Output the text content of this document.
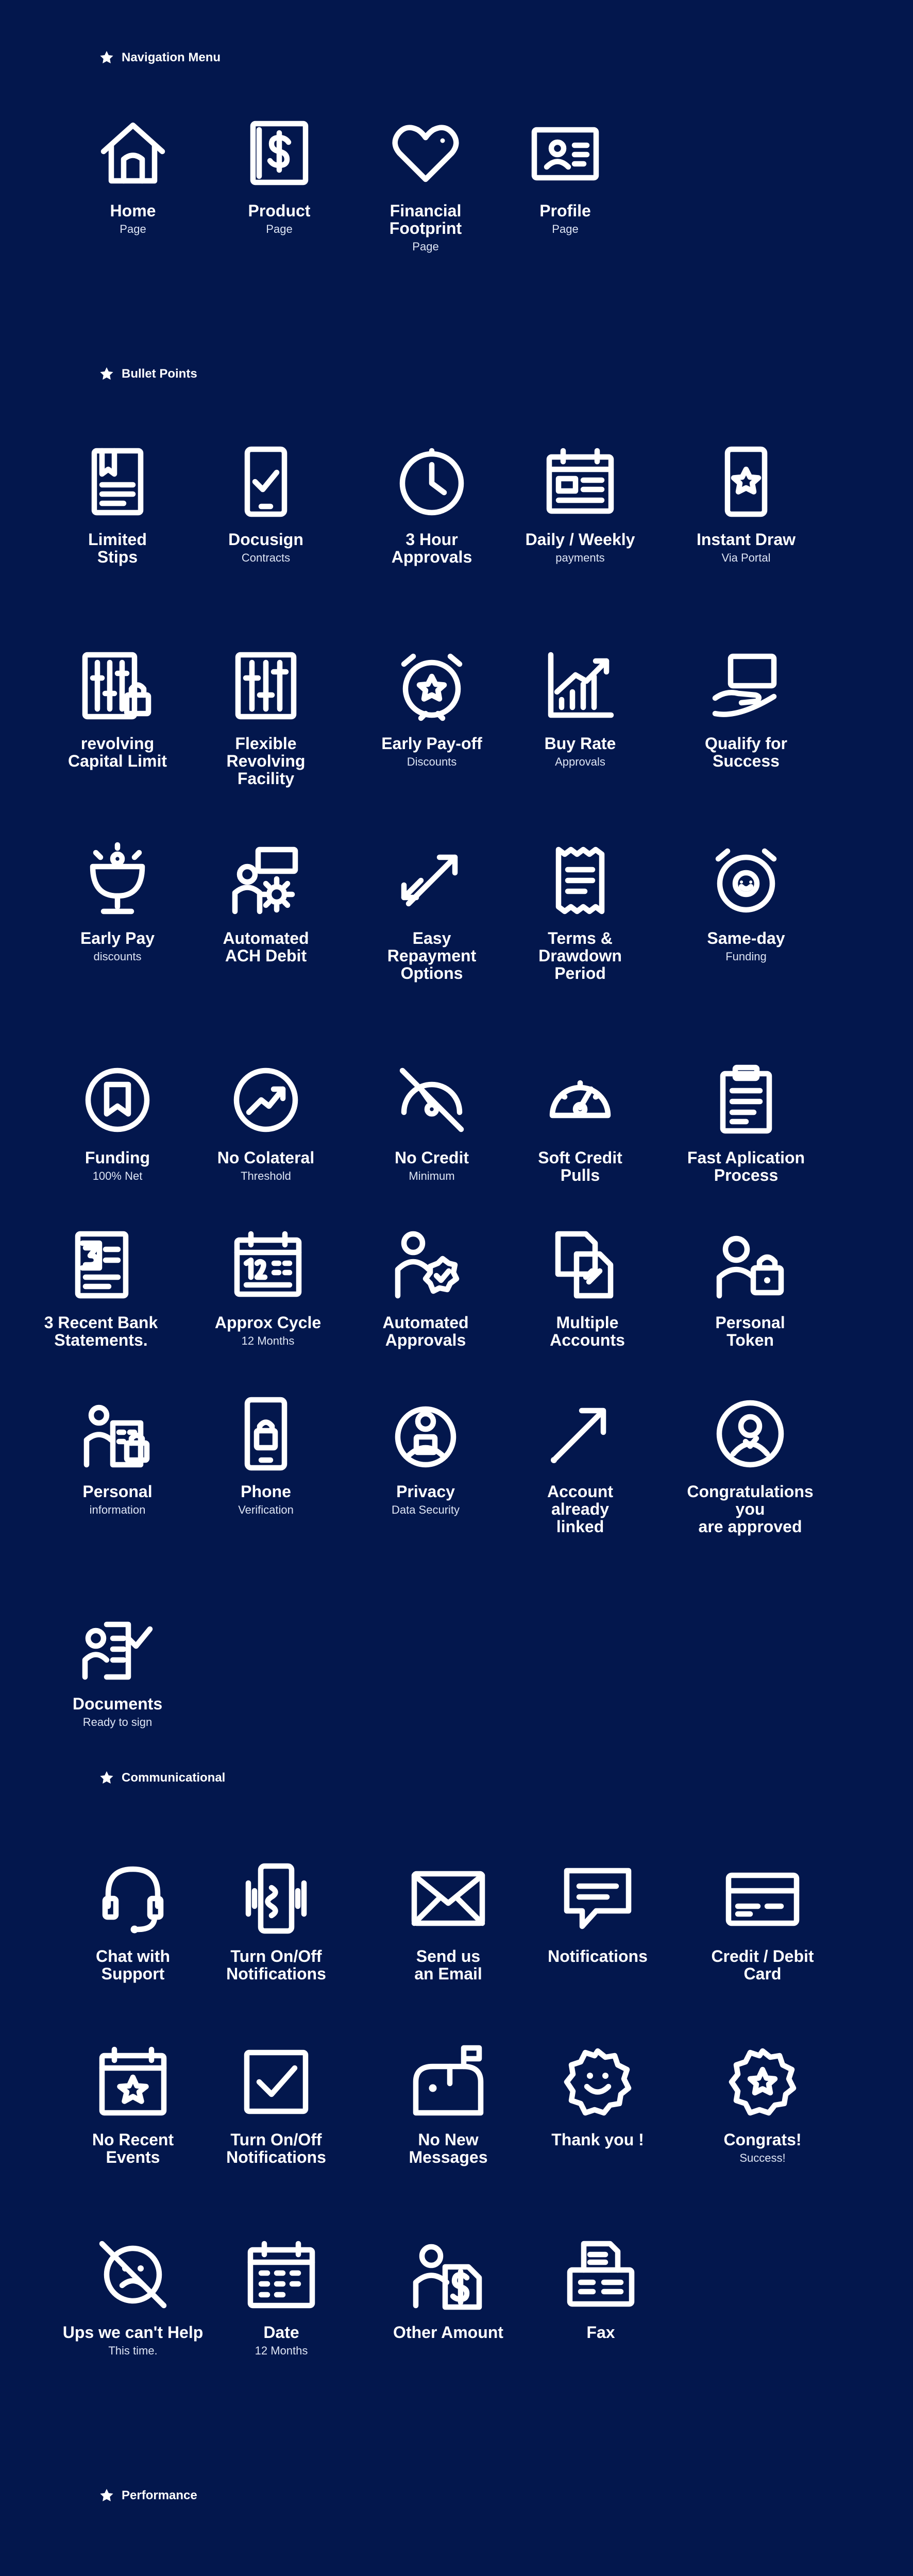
Navigation Menu
Bullet Points
Communicational
Performance
Home
Page
Product
Page
Financial
Footprint
Page
Profile
Page
Limited
Stips
Docusign
Contracts
3 Hour
Approvals
Daily / Weekly
payments
Instant Draw
Via Portal
revolving
Capital Limit
Flexible
Revolving
Facility
Early Pay-off
Discounts
Buy Rate
Approvals
Qualify for
Success
Early Pay
discounts
Automated
ACH Debit
Easy
Repayment
Options
Terms &
Drawdown
Period
Same-day
Funding
Funding
100% Net
No Colateral
Threshold
No Credit
Minimum
Soft Credit
Pulls
Fast Aplication
Process
3 Recent Bank
Statements.
Approx Cycle
12 Months
Automated
Approvals
Multiple
Accounts
Personal
Token
Personal
information
Phone
Verification
Privacy
Data Security
Account
already
linked
Congratulations you
are approved
Documents
Ready to sign
Chat with
Support
Turn On/Off
Notifications
Send us
an Email
Notifications	Credit / Debit
Card
No Recent
Events
Turn On/Off
Notifications
No New
Messages
Thank you !	Congrats!
Success!
Ups we can't Help
This time.
Date
12 Months
Other Amount	Fax
